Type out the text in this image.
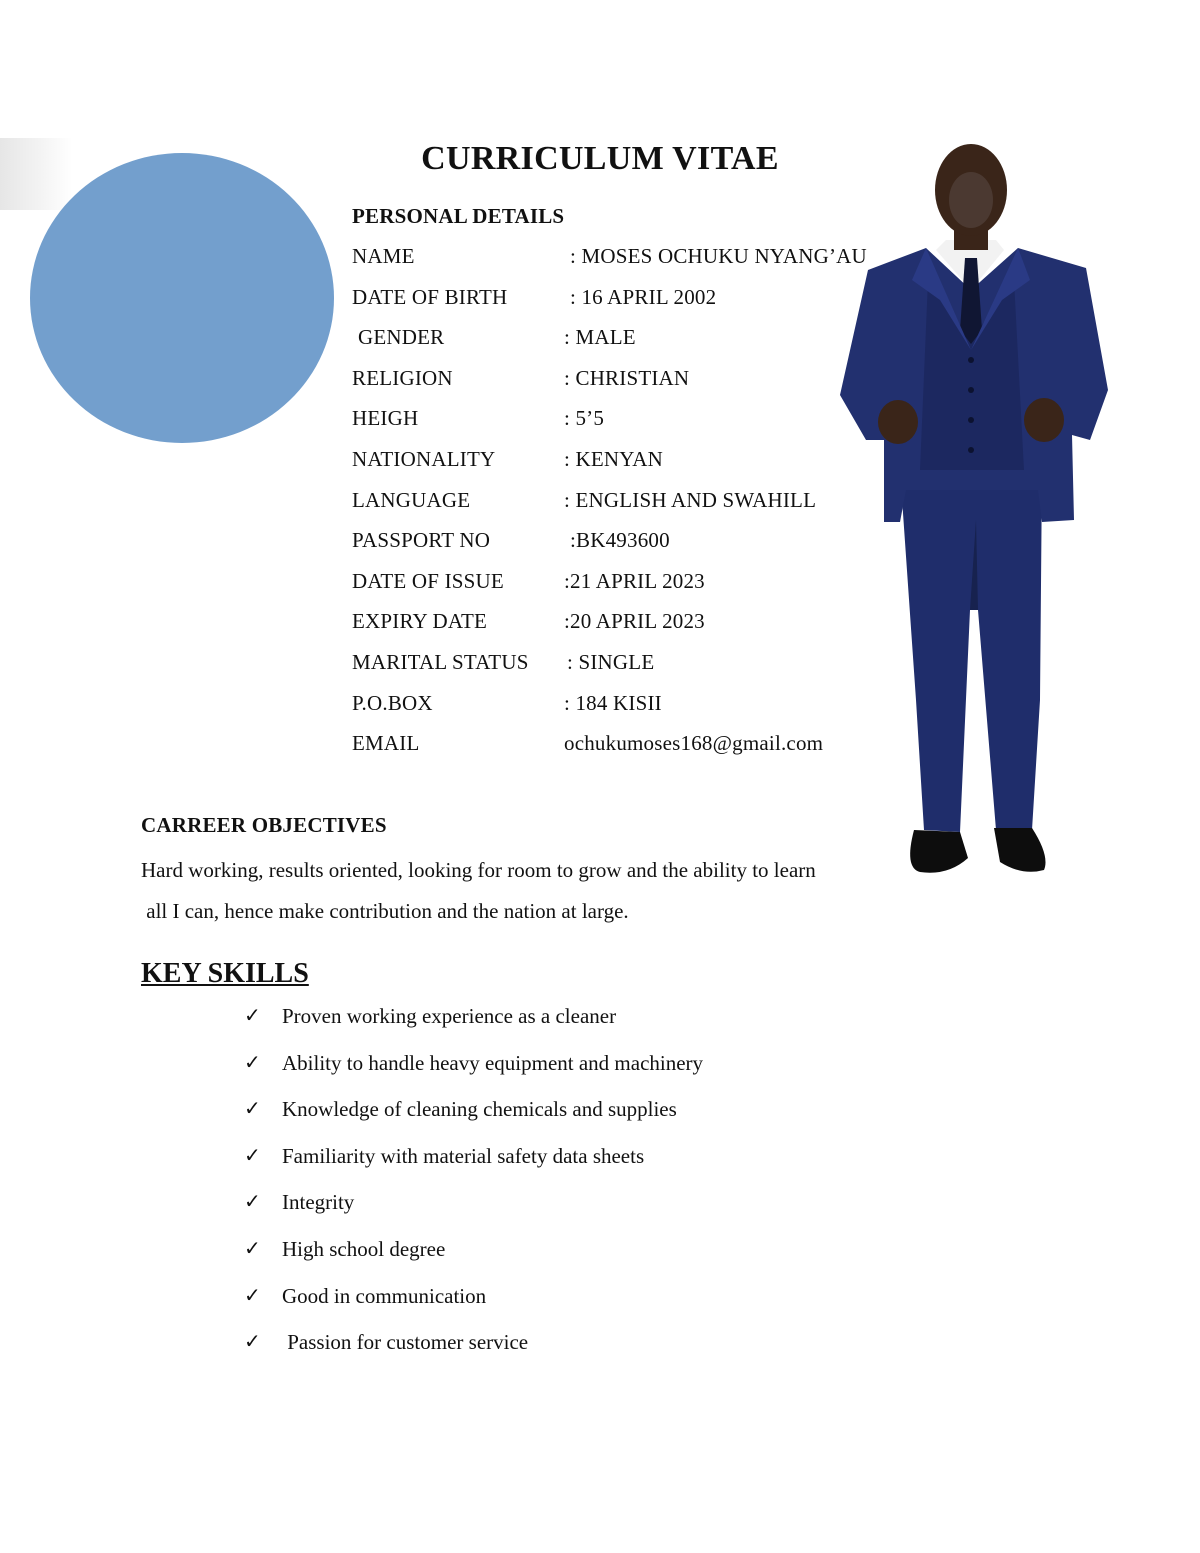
CURRICULUM VITAE
PERSONAL DETAILS
NAME	: MOSES OCHUKU NYANG’AU
DATE OF BIRTH	: 16 APRIL 2002
GENDER	: MALE
RELIGION	: CHRISTIAN
HEIGH	: 5’5
NATIONALITY	: KENYAN
LANGUAGE	: ENGLISH AND SWAHILL
PASSPORT NO	:BK493600
DATE OF ISSUE	:21 APRIL 2023
EXPIRY DATE	:20 APRIL 2023
MARITAL STATUS : SINGLE
P.O.BOX	: 184 KISII
EMAIL	ochukumoses168@gmail.com
CARREER OBJECTIVES

Hard working, results oriented, looking for room to grow and the ability to learn
all I can, hence make contribution and the nation at large.

KEY SKILLS
✓ Proven working experience as a cleaner
✓ Ability to handle heavy equipment and machinery
✓ Knowledge of cleaning chemicals and supplies
✓ Familiarity with material safety data sheets
✓ Integrity
✓ High school degree
✓ Good in communication
✓ Passion for customer service
